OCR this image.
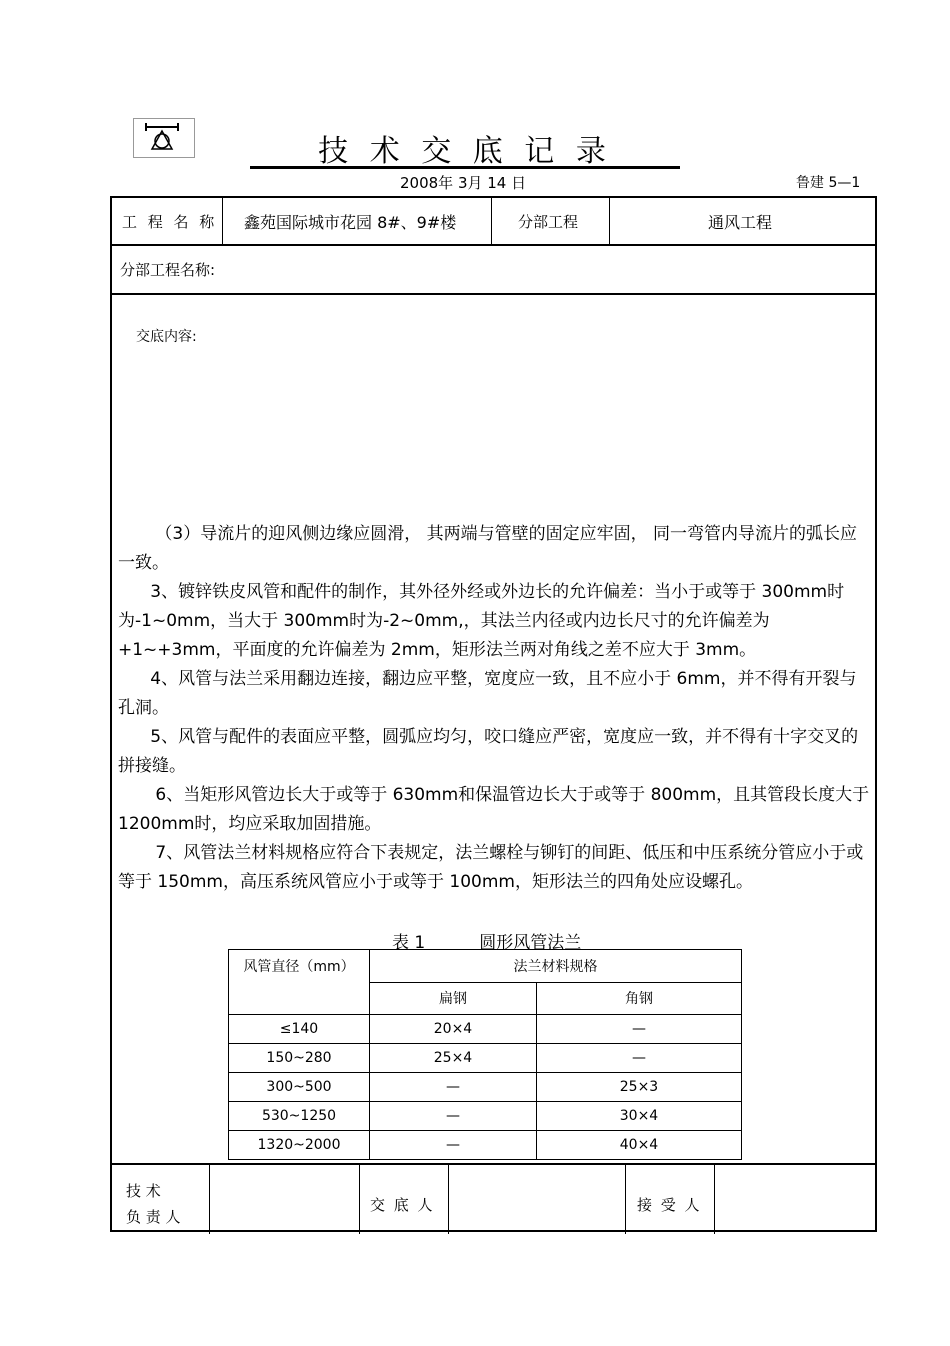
技 术 交 底 记 录
2008年 3月 14 日	鲁建 5—1
工 程 名 称 鑫苑国际城市花园 8#、9#楼	分部工程	通风工程
分部工程名称:
交底内容:
技 术
负 责 人
交 底 人	接 受 人

（3）导流片的迎风侧边缘应圆滑， 其两端与管壁的固定应牢固， 同一弯管内导流片的弧长应一致。

3、镀锌铁皮风管和配件的制作，其外径外经或外边长的允许偏差：当小于或等于 300mm时为-1~0mm，当大于 300mm时为-2~0mm,，其法兰内径或内边长尺寸的允许偏差为+1~+3mm，平面度的允许偏差为 2mm，矩形法兰两对角线之差不应大于 3mm。

4、风管与法兰采用翻边连接，翻边应平整，宽度应一致，且不应小于 6mm，并不得有开裂与孔洞。

5、风管与配件的表面应平整，圆弧应均匀，咬口缝应严密，宽度应一致，并不得有十字交叉的拼接缝。

6、当矩形风管边长大于或等于 630mm和保温管边长大于或等于 800mm，且其管段长度大于 1200mm时，均应采取加固措施。

7、风管法兰材料规格应符合下表规定，法兰螺栓与铆钉的间距、低压和中压系统分管应小于或等于 150mm，高压系统风管应小于或等于 100mm，矩形法兰的四角处应设螺孔。

表 1          圆形风管法兰
风管直径（mm）	法兰材料规格	
	扁钢	角钢
≤140	20×4	—
150~280	25×4	—
300~500	—	25×3
530~1250	—	30×4
1320~2000	—	40×4
